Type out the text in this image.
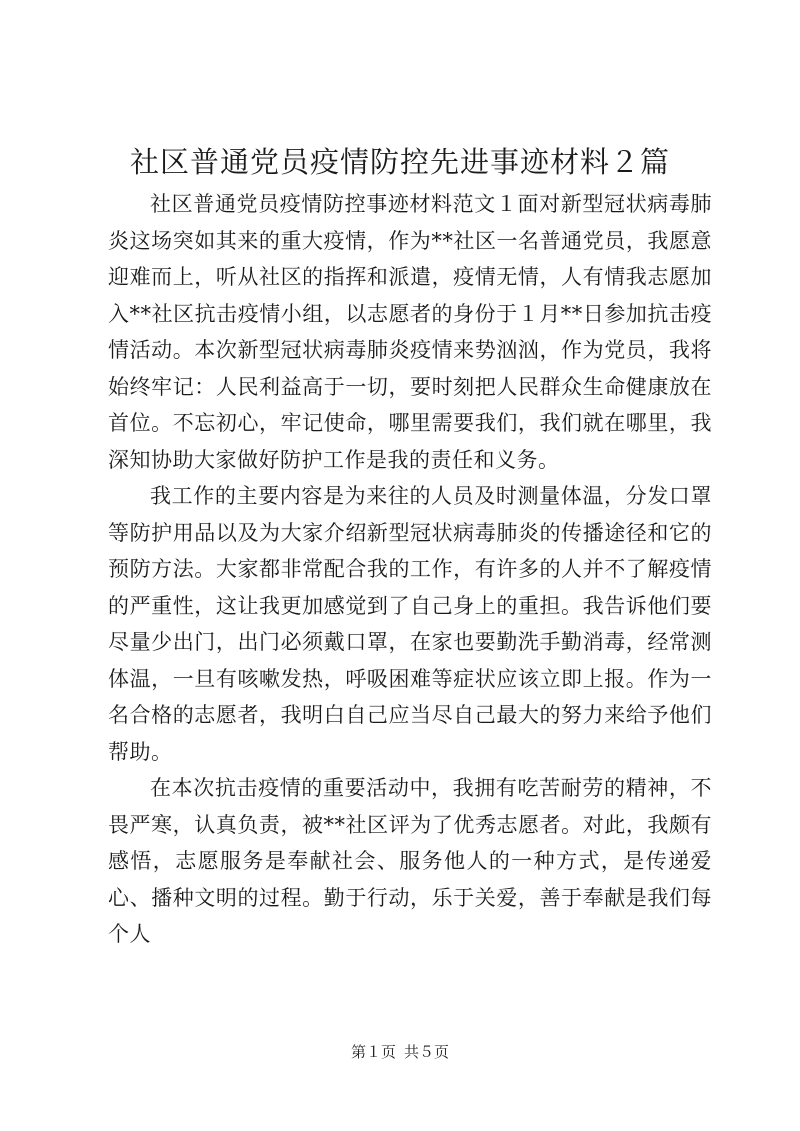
社区普通党员疫情防控先进事迹材料２篇

社区普通党员疫情防控事迹材料范文１面对新型冠状病毒肺炎这场突如其来的重大疫情，作为**社区一名普通党员，我愿意迎难而上，听从社区的指挥和派遣，疫情无情，人有情我志愿加入**社区抗击疫情小组，以志愿者的身份于１月**日参加抗击疫情活动。本次新型冠状病毒肺炎疫情来势汹汹，作为党员，我将始终牢记：人民利益高于一切，要时刻把人民群众生命健康放在首位。不忘初心，牢记使命，哪里需要我们，我们就在哪里，我深知协助大家做好防护工作是我的责任和义务。

我工作的主要内容是为来往的人员及时测量体温，分发口罩等防护用品以及为大家介绍新型冠状病毒肺炎的传播途径和它的预防方法。大家都非常配合我的工作，有许多的人并不了解疫情的严重性，这让我更加感觉到了自己身上的重担。我告诉他们要尽量少出门，出门必须戴口罩，在家也要勤洗手勤消毒，经常测体温，一旦有咳嗽发热，呼吸困难等症状应该立即上报。作为一名合格的志愿者，我明白自己应当尽自己最大的努力来给予他们帮助。

在本次抗击疫情的重要活动中，我拥有吃苦耐劳的精神，不畏严寒，认真负责，被**社区评为了优秀志愿者。对此，我颇有感悟，志愿服务是奉献社会、服务他人的一种方式，是传递爱心、播种文明的过程。勤于行动，乐于关爱，善于奉献是我们每个人

第１页 共５页
